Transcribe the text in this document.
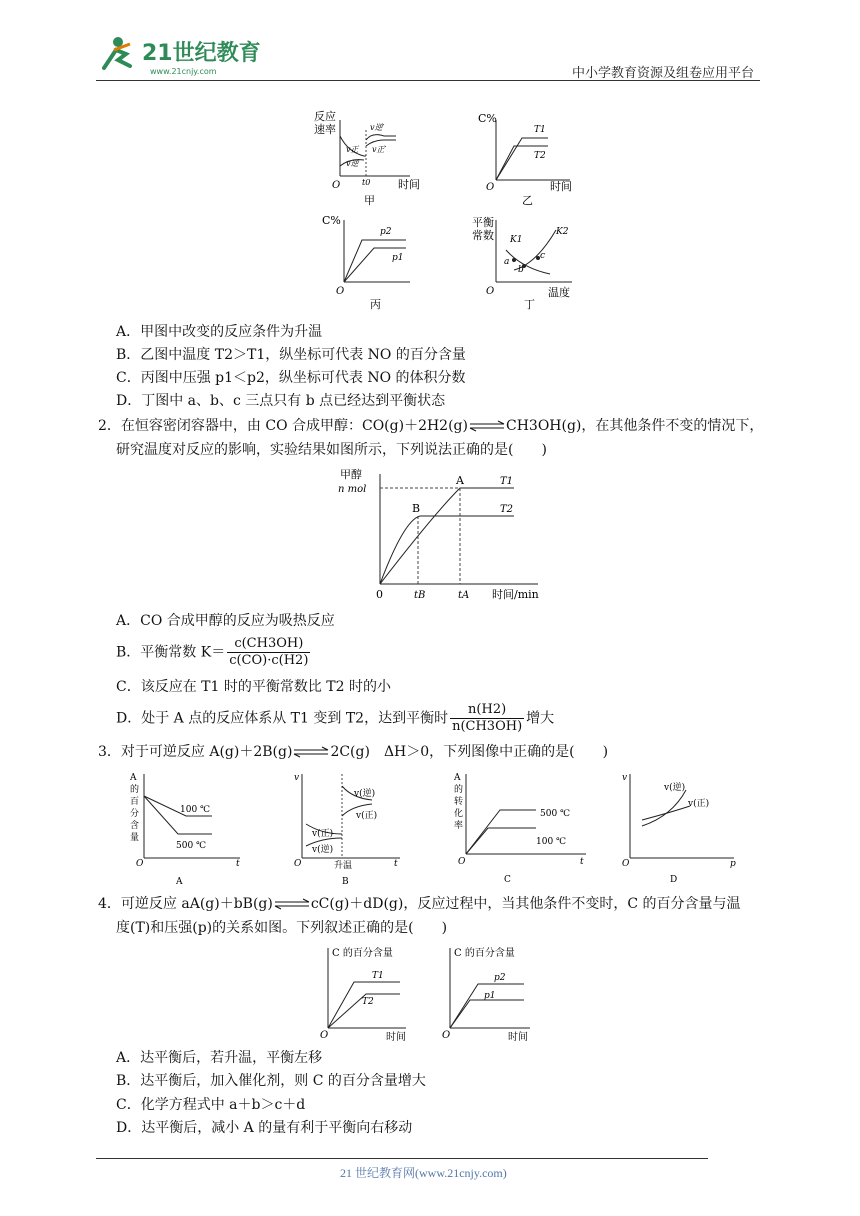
21世纪教育
www.21cnjy.com	中小学教育资源及组卷应用平台
反应
速率
O	时间
t0
v逆′
v正′
v正
v逆
甲
C%
O	时间
T1
T2
乙
C%
O
p2
p1
丙
平衡
常数
O	温度
K1
K2
a
b
c
丁
A．甲图中改变的反应条件为升温
B．乙图中温度 T2＞T1，纵坐标可代表 NO 的百分含量
C．丙图中压强 p1＜p2，纵坐标可代表 NO 的体积分数
D．丁图中 a、b、c 三点只有 b 点已经达到平衡状态
2．在恒容密闭容器中，由 CO 合成甲醇：CO(g)＋2H2(g)⇌CH3OH(g)，在其他条件不变的情况下，
研究温度对反应的影响，实验结果如图所示，下列说法正确的是(　　)
甲醇
n mol
0	tB	tA 时间/min
A
B
T1
T2
A．CO 合成甲醇的反应为吸热反应
B．平衡常数 $K= \frac{c(CH3OH)}{c(CO)\cdot c(H2)}$
C．该反应在 T1 时的平衡常数比 T2 时的小
D．处于 A 点的反应体系从 T1 变到 T2，达到平衡时 $\frac{n(H2)}{n(CH3OH)}$ 增大
3．对于可逆反应 A(g)＋2B(g)⇌2C(g)　ΔH＞0，下列图像中正确的是(　　)
A
的
百
分
含
量
100 ℃
500 ℃
O	t
A
v
v(逆)
v(正)
v(正)
v(逆)
O	升温	t
B
A
的
转
化
率
500 ℃
100 ℃
O	t
C
v
v(逆)
v(正)
O	p
D
4．可逆反应 aA(g)＋bB(g)⇌cC(g)＋dD(g)，反应过程中，当其他条件不变时，C 的百分含量与温
度(T)和压强(p)的关系如图。下列叙述正确的是(　　)
C 的百分含量
T1
T2
O	时间
C 的百分含量
p2
p1
O	时间
A．达平衡后，若升温，平衡左移
B．达平衡后，加入催化剂，则 C 的百分含量增大
C．化学方程式中 a＋b＞c＋d
D．达平衡后，减小 A 的量有利于平衡向右移动
21 世纪教育网(www.21cnjy.com)
